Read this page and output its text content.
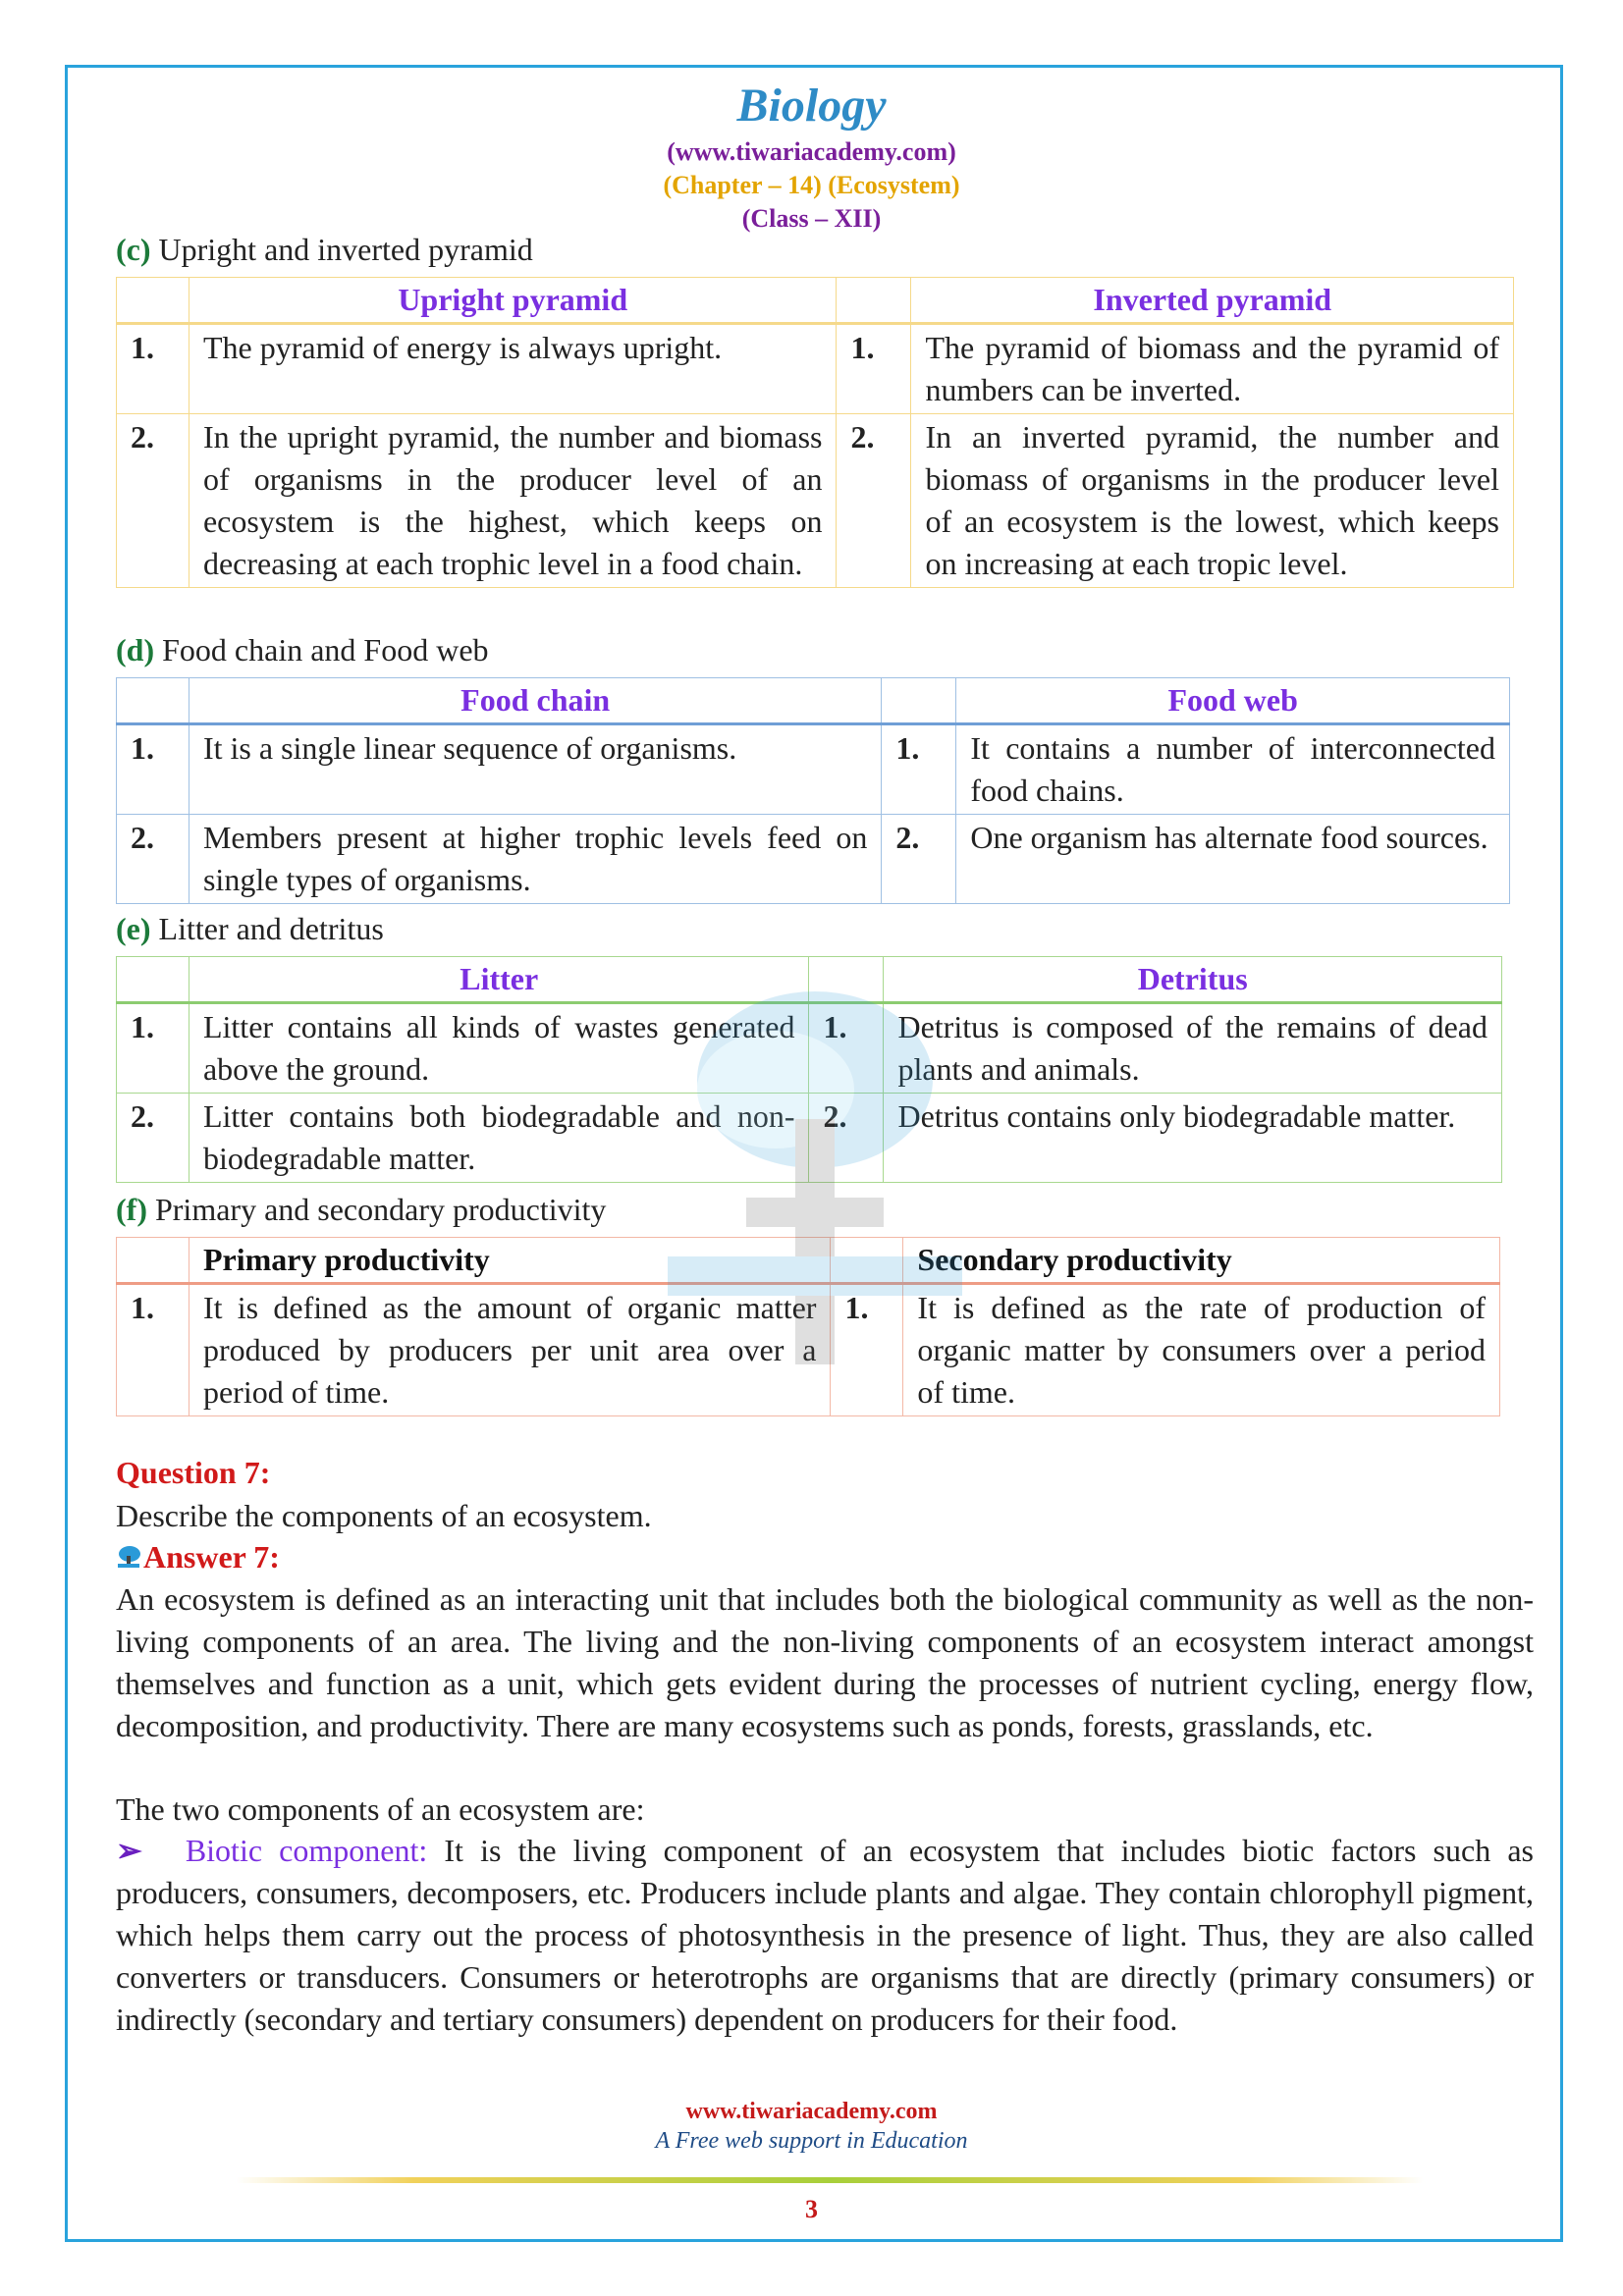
Biology
(www.tiwariacademy.com)
(Chapter – 14) (Ecosystem)
(Class – XII)
(c) Upright and inverted pyramid
	Upright pyramid		Inverted pyramid
1.	The pyramid of energy is always upright.	1.	The pyramid of biomass and the pyramid of numbers can be inverted.
2.	In the upright pyramid, the number and biomass of organisms in the producer level of an ecosystem is the highest, which keeps on decreasing at each trophic level in a food chain.	2.	In an inverted pyramid, the number and biomass of organisms in the producer level of an ecosystem is the lowest, which keeps on increasing at each tropic level.
(d) Food chain and Food web
	Food chain		Food web
1.	It is a single linear sequence of organisms.	1.	It contains a number of interconnected food chains.
2.	Members present at higher trophic levels feed on single types of organisms.	2.	One organism has alternate food sources.
(e) Litter and detritus
	Litter		Detritus
1.	Litter contains all kinds of wastes generated above the ground.	1.	Detritus is composed of the remains of dead plants and animals.
2.	Litter contains both biodegradable and non-biodegradable matter.	2.	Detritus contains only biodegradable matter.
(f) Primary and secondary productivity
	Primary productivity		Secondary productivity
1.	It is defined as the amount of organic matter produced by producers per unit area over a period of time.	1.	It is defined as the rate of production of organic matter by consumers over a period of time.
Question 7:
Describe the components of an ecosystem.
Answer 7:
An ecosystem is defined as an interacting unit that includes both the biological community as well as the non-living components of an area. The living and the non-living components of an ecosystem interact amongst themselves and function as a unit, which gets evident during the processes of nutrient cycling, energy flow, decomposition, and productivity. There are many ecosystems such as ponds, forests, grasslands, etc.
The two components of an ecosystem are:
➢ Biotic component: It is the living component of an ecosystem that includes biotic factors such as producers, consumers, decomposers, etc. Producers include plants and algae. They contain chlorophyll pigment, which helps them carry out the process of photosynthesis in the presence of light. Thus, they are also called converters or transducers. Consumers or heterotrophs are organisms that are directly (primary consumers) or indirectly (secondary and tertiary consumers) dependent on producers for their food.
www.tiwariacademy.com
A Free web support in Education
3
